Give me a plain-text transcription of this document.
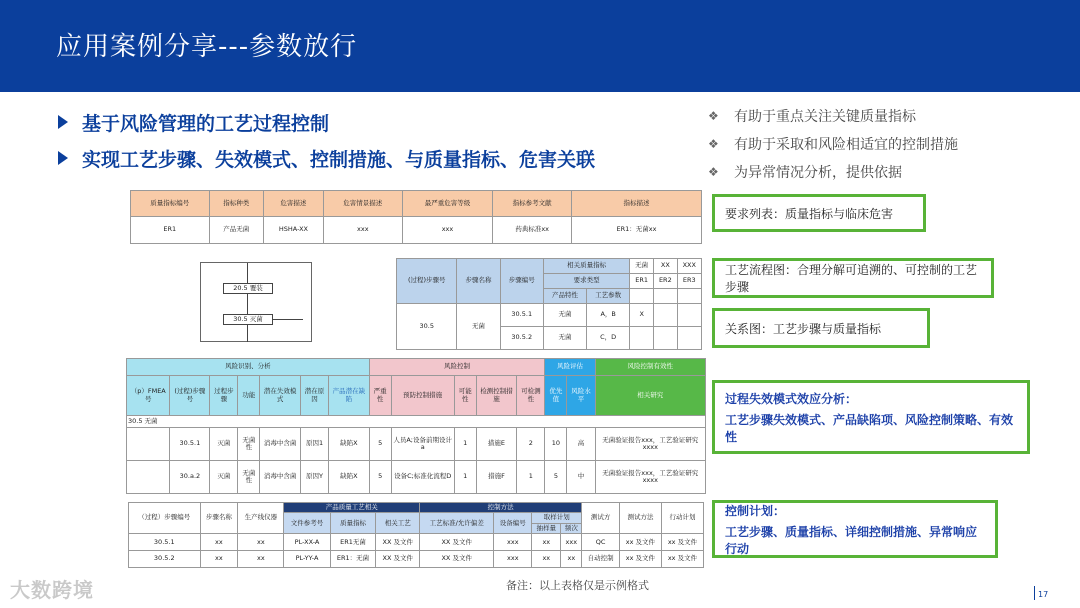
应用案例分享---参数放行
基于风险管理的工艺过程控制
实现工艺步骤、失效模式、控制措施、与质量指标、危害关联
❖	有助于重点关注关键质量指标
❖	有助于采取和风险相适宜的控制措施
❖	为异常情况分析，提供依据
质量指标编号	指标种类	危害描述	危害情景描述	最严重危害等级	指标参考文献	指标描述
ER1	产品无菌	HSHA-XX	xxx	xxx	药典标准xx	ER1：无菌xx
20.5 覆装
30.5 灭菌
(过程)步骤号	步骤名称	步骤编号	相关质量指标		无菌	XX	XXX
			要求类型		ER1	ER2	ER3
			产品特性	工艺参数			
30.5	无菌	30.5.1	无菌	A，B	X		
		30.5.2	无菌	C，D			
风险识别、分析							风险控制					风险评估		风险控制有效性
（p）FMEA号	(过程)步骤号	过程步骤	功能	潜在失效模式	潜在原因	产品潜在缺陷	严重性	预防控制措施	可能性	检测控制措施	可检测性	优先值	风险水平	相关研究
30.5 无菌														
	30.5.1	灭菌	无菌性	消毒中含菌	原因1	缺陷X	5	人员A;设备前期设计a	1	措施E	2	10	高	无菌验证报告xxx，工艺验证研究xxxx
	30.a.2	灭菌	无菌性	消毒中含菌	原因Y	缺陷X	5	设备C;标准化流程D	1	措施F	1	5	中	无菌验证报告xxx，工艺验证研究xxxx
（过程）步骤编号	步骤名称	生产线仪器	产品质量工艺相关			控制方法				测试方	测试方法	行动计划
			文件参考号	质量指标	相关工艺	工艺标准/允许偏差	设备编号	取样计划				
								抽样量	频次			
30.5.1	xx	xx	PL-XX-A	ER1无菌	XX 及文件	XX 及文件	xxx	xx	xxx	QC	xx 及文件	xx 及文件
30.5.2	xx	xx	PL-YY-A	ER1：无菌	XX 及文件	XX 及文件	xxx	xx	xx	自动控制	xx 及文件	xx 及文件
要求列表：质量指标与临床危害
工艺流程图：合理分解可追溯的、可控制的工艺步骤
关系图：工艺步骤与质量指标
过程失效模式效应分析：
工艺步骤失效模式、产品缺陷项、风险控制策略、有效性
控制计划：
工艺步骤、质量指标、详细控制措施、异常响应行动
备注：以上表格仅是示例格式
17
大数跨境
